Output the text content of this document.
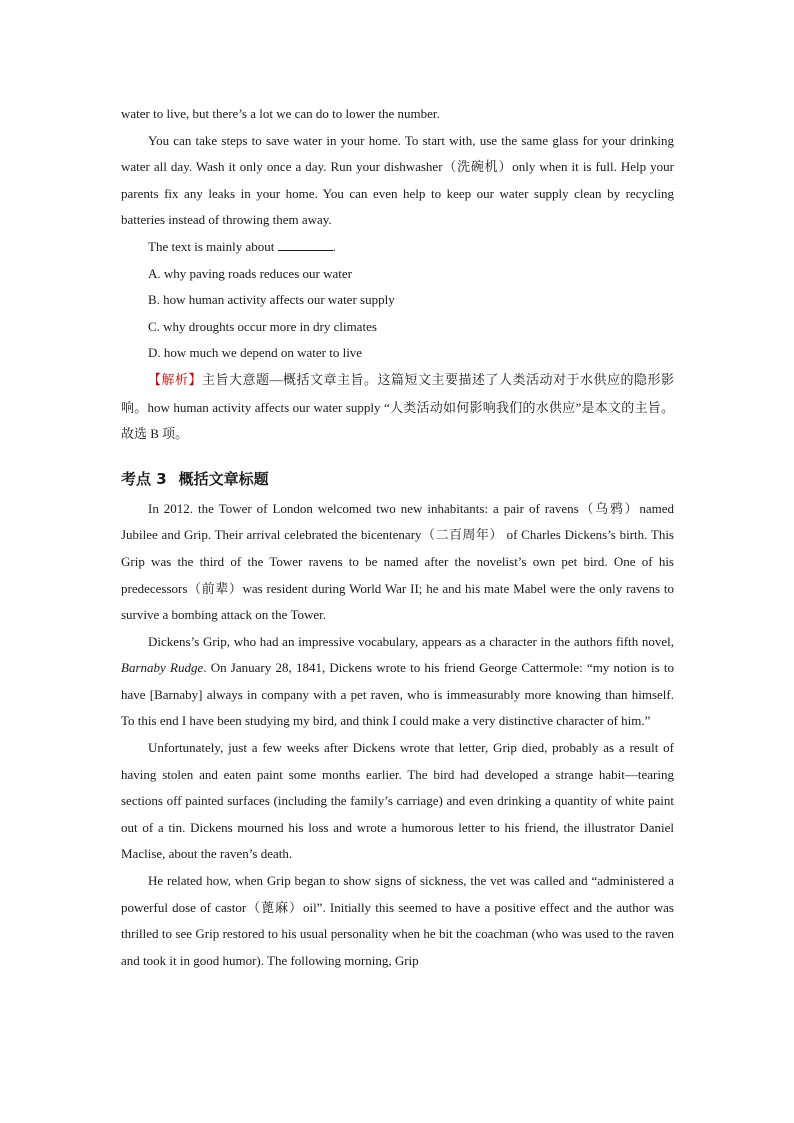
water to live, but there’s a lot we can do to lower the number.

You can take steps to save water in your home. To start with, use the same glass for your drinking water all day. Wash it only once a day. Run your dishwasher（洗碗机）only when it is full. Help your parents fix any leaks in your home. You can even help to keep our water supply clean by recycling batteries instead of throwing them away.

The text is mainly about	.

A. why paving roads reduces our water

B. how human activity affects our water supply

C. why droughts occur more in dry climates

D. how much we depend on water to live

【解析】主旨大意题—概括文章主旨。这篇短文主要描述了人类活动对于水供应的隐形影响。how human activity affects our water supply “人类活动如何影响我们的水供应”是本文的主旨。故选 B 项。

考点 3 概括文章标题

In 2012. the Tower of London welcomed two new inhabitants: a pair of ravens（乌鸦）named Jubilee and Grip. Their arrival celebrated the bicentenary（二百周年） of Charles Dickens’s birth. This Grip was the third of the Tower ravens to be named after the novelist’s own pet bird. One of his predecessors（前辈）was resident during World War II; he and his mate Mabel were the only ravens to survive a bombing attack on the Tower.

Dickens’s Grip, who had an impressive vocabulary, appears as a character in the authors fifth novel, Barnaby Rudge. On January 28, 1841, Dickens wrote to his friend George Cattermole: “my notion is to have [Barnaby] always in company with a pet raven, who is immeasurably more knowing than himself. To this end I have been studying my bird, and think I could make a very distinctive character of him.”

Unfortunately, just a few weeks after Dickens wrote that letter, Grip died, probably as a result of having stolen and eaten paint some months earlier. The bird had developed a strange habit—tearing sections off painted surfaces (including the family’s carriage) and even drinking a quantity of white paint out of a tin. Dickens mourned his loss and wrote a humorous letter to his friend, the illustrator Daniel Maclise, about the raven’s death.

He related how, when Grip began to show signs of sickness, the vet was called and “administered a powerful dose of castor（蓖麻）oil”. Initially this seemed to have a positive effect and the author was thrilled to see Grip restored to his usual personality when he bit the coachman (who was used to the raven and took it in good humor). The following morning, Grip
